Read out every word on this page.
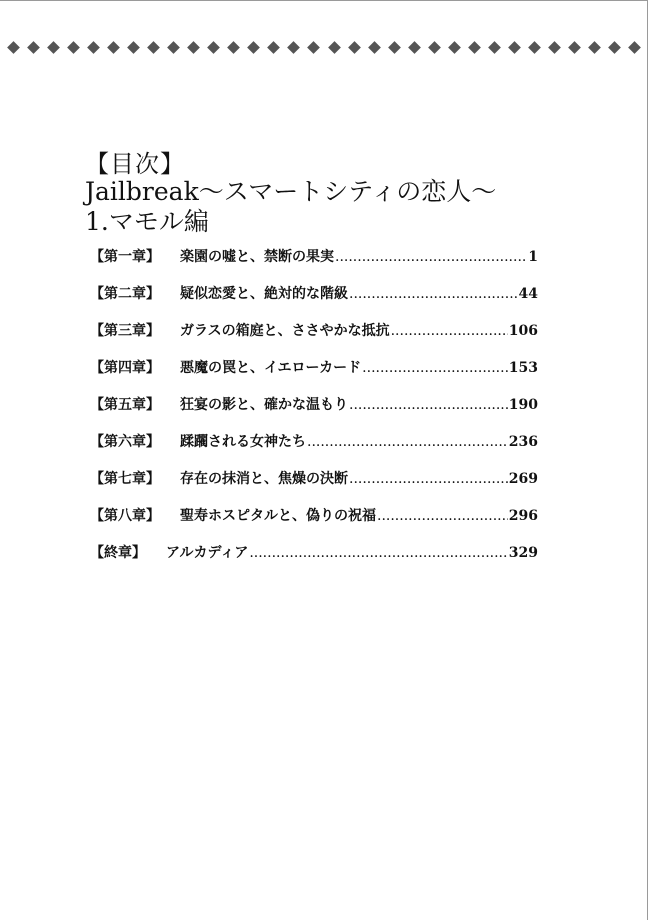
【目次】
Jailbreak～スマートシティの恋人～
1.マモル編
【第一章】	楽園の嘘と、禁断の果実 .....	1
【第二章】	疑似恋愛と、絶対的な階級 .....	44
【第三章】	ガラスの箱庭と、ささやかな抵抗 .....	106
【第四章】	悪魔の罠と、イエローカード .....	153
【第五章】	狂宴の影と、確かな温もり .....	190
【第六章】	蹂躙される女神たち .....	236
【第七章】	存在の抹消と、焦燥の決断 .....	269
【第八章】	聖寿ホスピタルと、偽りの祝福 .....	296
【終章】	アルカディア .....	329
